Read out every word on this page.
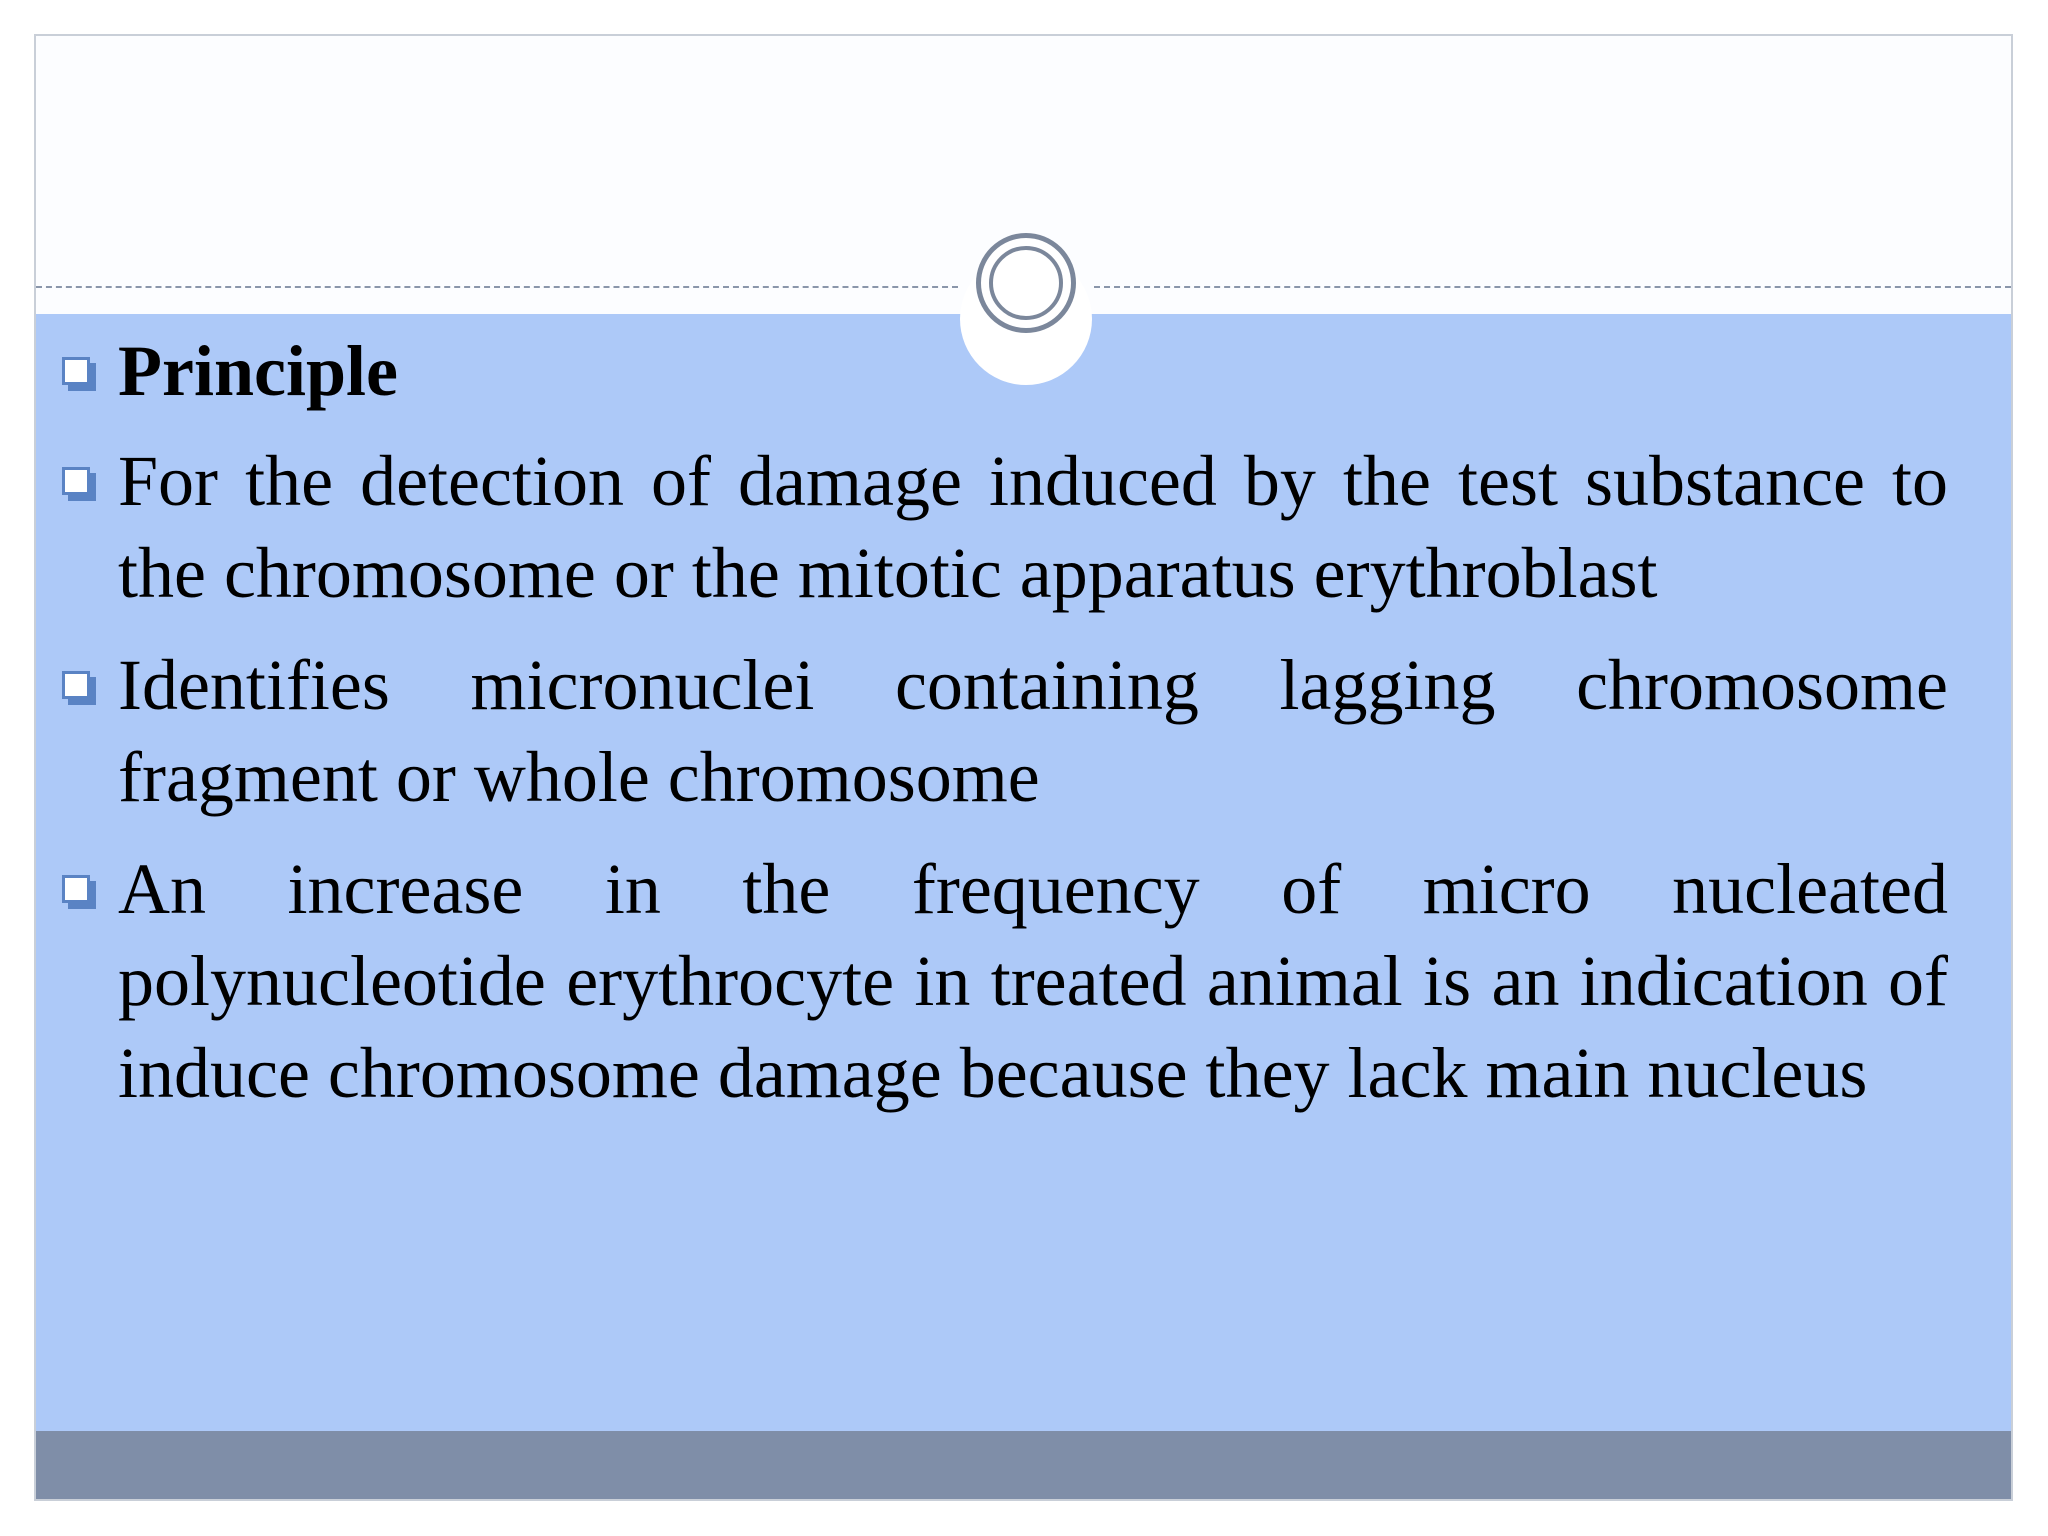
Principle
For the detection of damage induced by the test substance to the chromosome or the mitotic apparatus erythroblast
Identifies micronuclei containing lagging chromosome fragment or whole chromosome
An increase in the frequency of micro nucleated polynucleotide erythrocyte in treated animal is an indication of induce chromosome damage because they lack main nucleus
